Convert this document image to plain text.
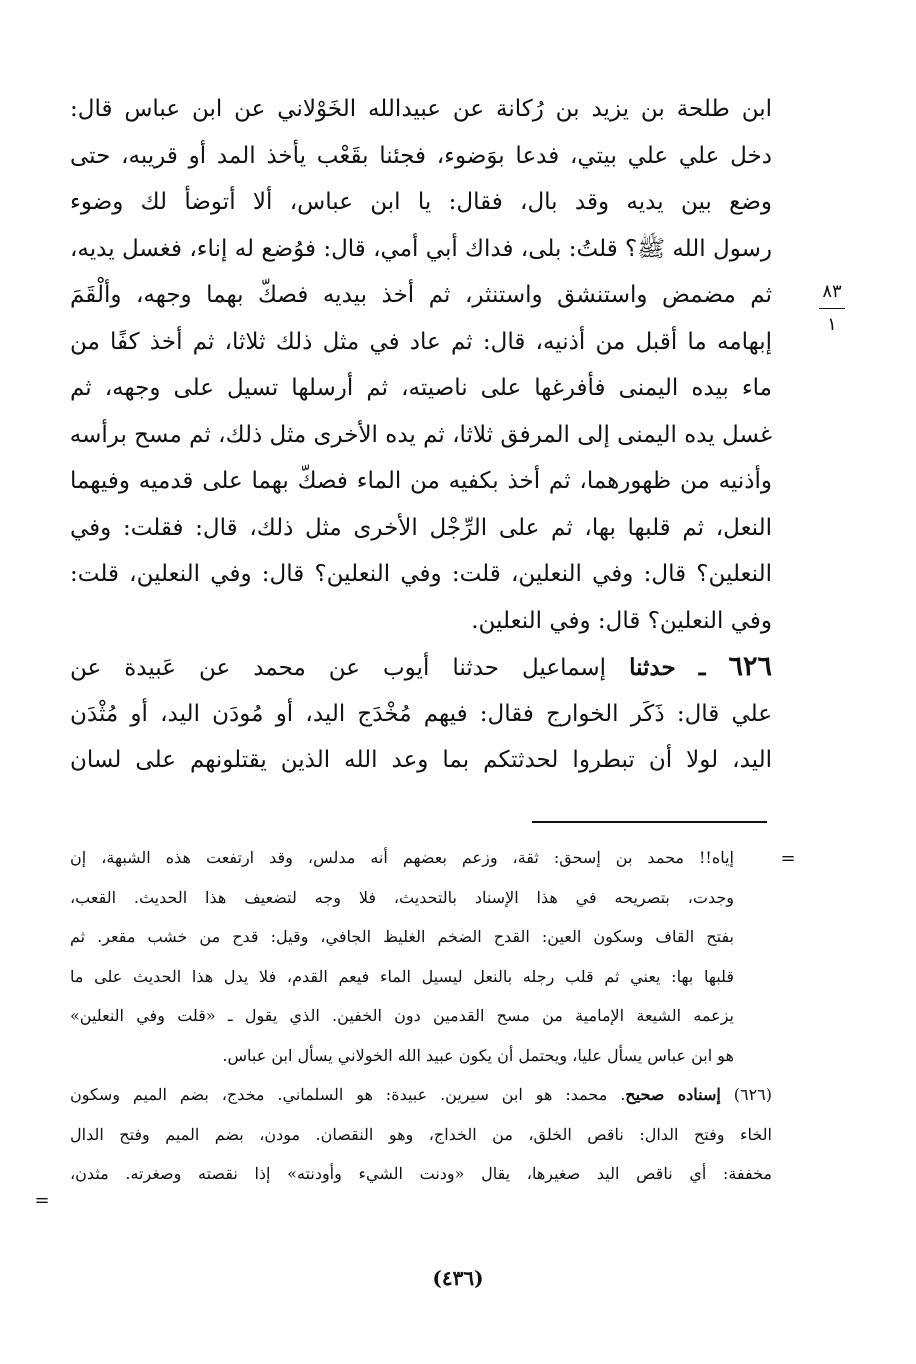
ابن طلحة بن يزيد بن رُكانة عن عبيدالله الخَوْلاني عن ابن عباس قال:
دخل علي علي بيتي، فدعا بوَضوء، فجئنا بقَعْب يأخذ المد أو قريبه، حتى
وضع بين يديه وقد بال، فقال: يا ابن عباس، ألا أتوضأ لك وضوء
رسول الله ﷺ؟ قلتُ: بلى، فداك أبي أمي، قال: فوُضع له إناء، فغسل يديه،
ثم مضمض واستنشق واستنثر، ثم أخذ بيديه فصكّ بهما وجهه، وألْقَمَ
إبهامه ما أقبل من أذنيه، قال: ثم عاد في مثل ذلك ثلاثا، ثم أخذ كفًا من
ماء بيده اليمنى فأفرغها على ناصيته، ثم أرسلها تسيل على وجهه، ثم
غسل يده اليمنى إلى المرفق ثلاثا، ثم يده الأخرى مثل ذلك، ثم مسح برأسه
وأذنيه من ظهورهما، ثم أخذ بكفيه من الماء فصكّ بهما على قدميه وفيهما
النعل، ثم قلبها بها، ثم على الرِّجْل الأخرى مثل ذلك، قال: فقلت: وفي
النعلين؟ قال: وفي النعلين، قلت: وفي النعلين؟ قال: وفي النعلين، قلت:
وفي النعلين؟ قال: وفي النعلين.
٦٢٦ ـ حدثنا إسماعيل حدثنا أيوب عن محمد عن عَبيدة عن
علي قال: ذَكَر الخوارج فقال: فيهم مُخْدَج اليد، أو مُودَن اليد، أو مُثْدَن
اليد، لولا أن تبطروا لحدثتكم بما وعد الله الذين يقتلونهم على لسان
٨٣
١
=
إياه!! محمد بن إسحق: ثقة، وزعم بعضهم أنه مدلس، وقد ارتفعت هذه الشبهة، إن
وجدت، بتصريحه في هذا الإسناد بالتحديث، فلا وجه لتضعيف هذا الحديث. القعب،
بفتح القاف وسكون العين: القدح الضخم الغليظ الجافي، وقيل: قدح من خشب مقعر. ثم
قلبها بها: يعني ثم قلب رجله بالنعل ليسيل الماء فيعم القدم، فلا يدل هذا الحديث على ما
يزعمه الشيعة الإمامية من مسح القدمين دون الخفين. الذي يقول ـ «قلت وفي النعلين»
هو ابن عباس يسأل عليا، ويحتمل أن يكون عبيد الله الخولاني يسأل ابن عباس.
(٦٢٦) إسناده صحيح. محمد: هو ابن سيرين. عبيدة: هو السلماني. مخدج، بضم الميم وسكون
الخاء وفتح الدال: ناقص الخلق، من الخداج، وهو النقصان. مودن، بضم الميم وفتح الدال
مخففة: أي ناقص اليد صغيرها، يقال «ودنت الشيء وأودنته» إذا نقصته وصغرته. مثدن،
=
(٤٣٦)
